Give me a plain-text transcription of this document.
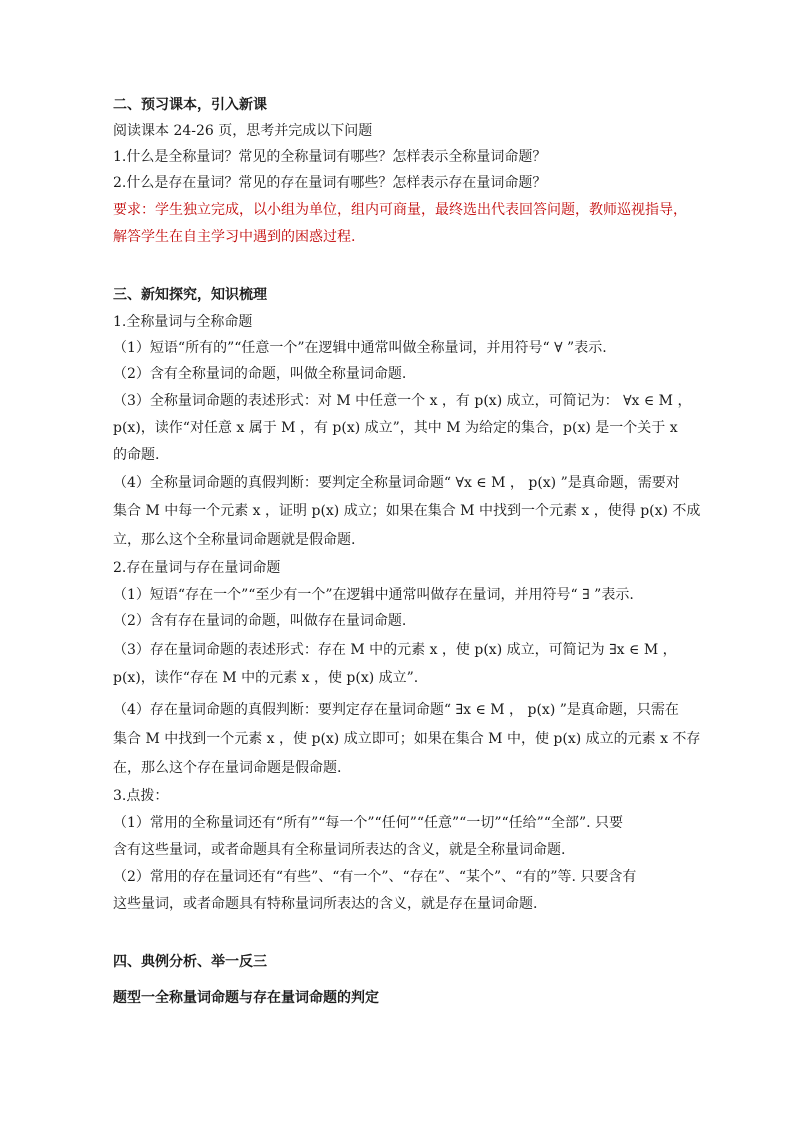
二、预习课本，引入新课
阅读课本 24-26 页，思考并完成以下问题
1.什么是全称量词？常见的全称量词有哪些？怎样表示全称量词命题？
2.什么是存在量词？常见的存在量词有哪些？怎样表示存在量词命题？
要求：学生独立完成，以小组为单位，组内可商量，最终选出代表回答问题，教师巡视指导，
解答学生在自主学习中遇到的困惑过程.
三、新知探究，知识梳理
1.全称量词与全称命题
（1）短语“所有的”“任意一个”在逻辑中通常叫做全称量词，并用符号“ ∀ ”表示.
（2）含有全称量词的命题，叫做全称量词命题.
（3）全称量词命题的表述形式：对 M 中任意一个 x ，有 p(x) 成立，可简记为： ∀x ∈ M ，
p(x)，读作“对任意 x 属于 M ，有 p(x) 成立”，其中 M 为给定的集合，p(x) 是一个关于 x
的命题.
（4）全称量词命题的真假判断：要判定全称量词命题“ ∀x ∈ M ， p(x) ”是真命题，需要对
集合 M 中每一个元素 x ，证明 p(x) 成立；如果在集合 M 中找到一个元素 x ，使得 p(x) 不成
立，那么这个全称量词命题就是假命题.
2.存在量词与存在量词命题
（1）短语“存在一个”“至少有一个”在逻辑中通常叫做存在量词，并用符号“ ∃ ”表示.
（2）含有存在量词的命题，叫做存在量词命题.
（3）存在量词命题的表述形式：存在 M 中的元素 x ，使 p(x) 成立，可简记为 ∃x ∈ M ，
p(x)，读作“存在 M 中的元素 x ，使 p(x) 成立”.
（4）存在量词命题的真假判断：要判定存在量词命题“ ∃x ∈ M ， p(x) ”是真命题，只需在
集合 M 中找到一个元素 x ，使 p(x) 成立即可；如果在集合 M 中，使 p(x) 成立的元素 x 不存
在，那么这个存在量词命题是假命题.
3.点拨：
（1）常用的全称量词还有“所有”“每一个”“任何”“任意”“一切”“任给”“全部”. 只要
含有这些量词，或者命题具有全称量词所表达的含义，就是全称量词命题.
（2）常用的存在量词还有“有些”、“有一个”、“存在”、“某个”、“有的”等. 只要含有
这些量词，或者命题具有特称量词所表达的含义，就是存在量词命题.
四、典例分析、举一反三
题型一全称量词命题与存在量词命题的判定
